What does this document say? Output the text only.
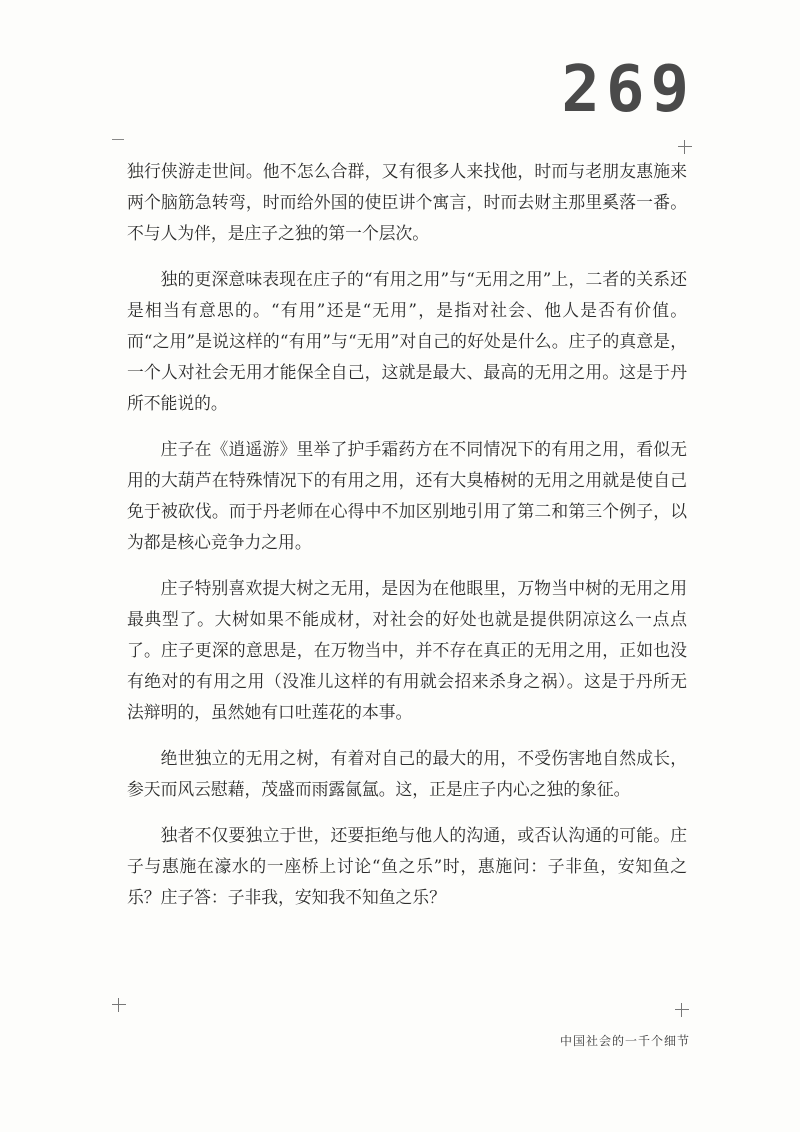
269

独行侠游走世间。他不怎么合群，又有很多人来找他，时而与老朋友惠施来两个脑筋急转弯，时而给外国的使臣讲个寓言，时而去财主那里奚落一番。不与人为伴，是庄子之独的第一个层次。

独的更深意味表现在庄子的“有用之用”与“无用之用”上，二者的关系还是相当有意思的。“有用”还是“无用”，是指对社会、他人是否有价值。而“之用”是说这样的“有用”与“无用”对自己的好处是什么。庄子的真意是，一个人对社会无用才能保全自己，这就是最大、最高的无用之用。这是于丹所不能说的。

庄子在《逍遥游》里举了护手霜药方在不同情况下的有用之用，看似无用的大葫芦在特殊情况下的有用之用，还有大臭椿树的无用之用就是使自己免于被砍伐。而于丹老师在心得中不加区别地引用了第二和第三个例子，以为都是核心竞争力之用。

庄子特别喜欢提大树之无用，是因为在他眼里，万物当中树的无用之用最典型了。大树如果不能成材，对社会的好处也就是提供阴凉这么一点点了。庄子更深的意思是，在万物当中，并不存在真正的无用之用，正如也没有绝对的有用之用（没准儿这样的有用就会招来杀身之祸）。这是于丹所无法辩明的，虽然她有口吐莲花的本事。

绝世独立的无用之树，有着对自己的最大的用，不受伤害地自然成长，参天而风云慰藉，茂盛而雨露氤氲。这，正是庄子内心之独的象征。

独者不仅要独立于世，还要拒绝与他人的沟通，或否认沟通的可能。庄子与惠施在濠水的一座桥上讨论“鱼之乐”时，惠施问：子非鱼，安知鱼之乐？庄子答：子非我，安知我不知鱼之乐？

中国社会的一千个细节
